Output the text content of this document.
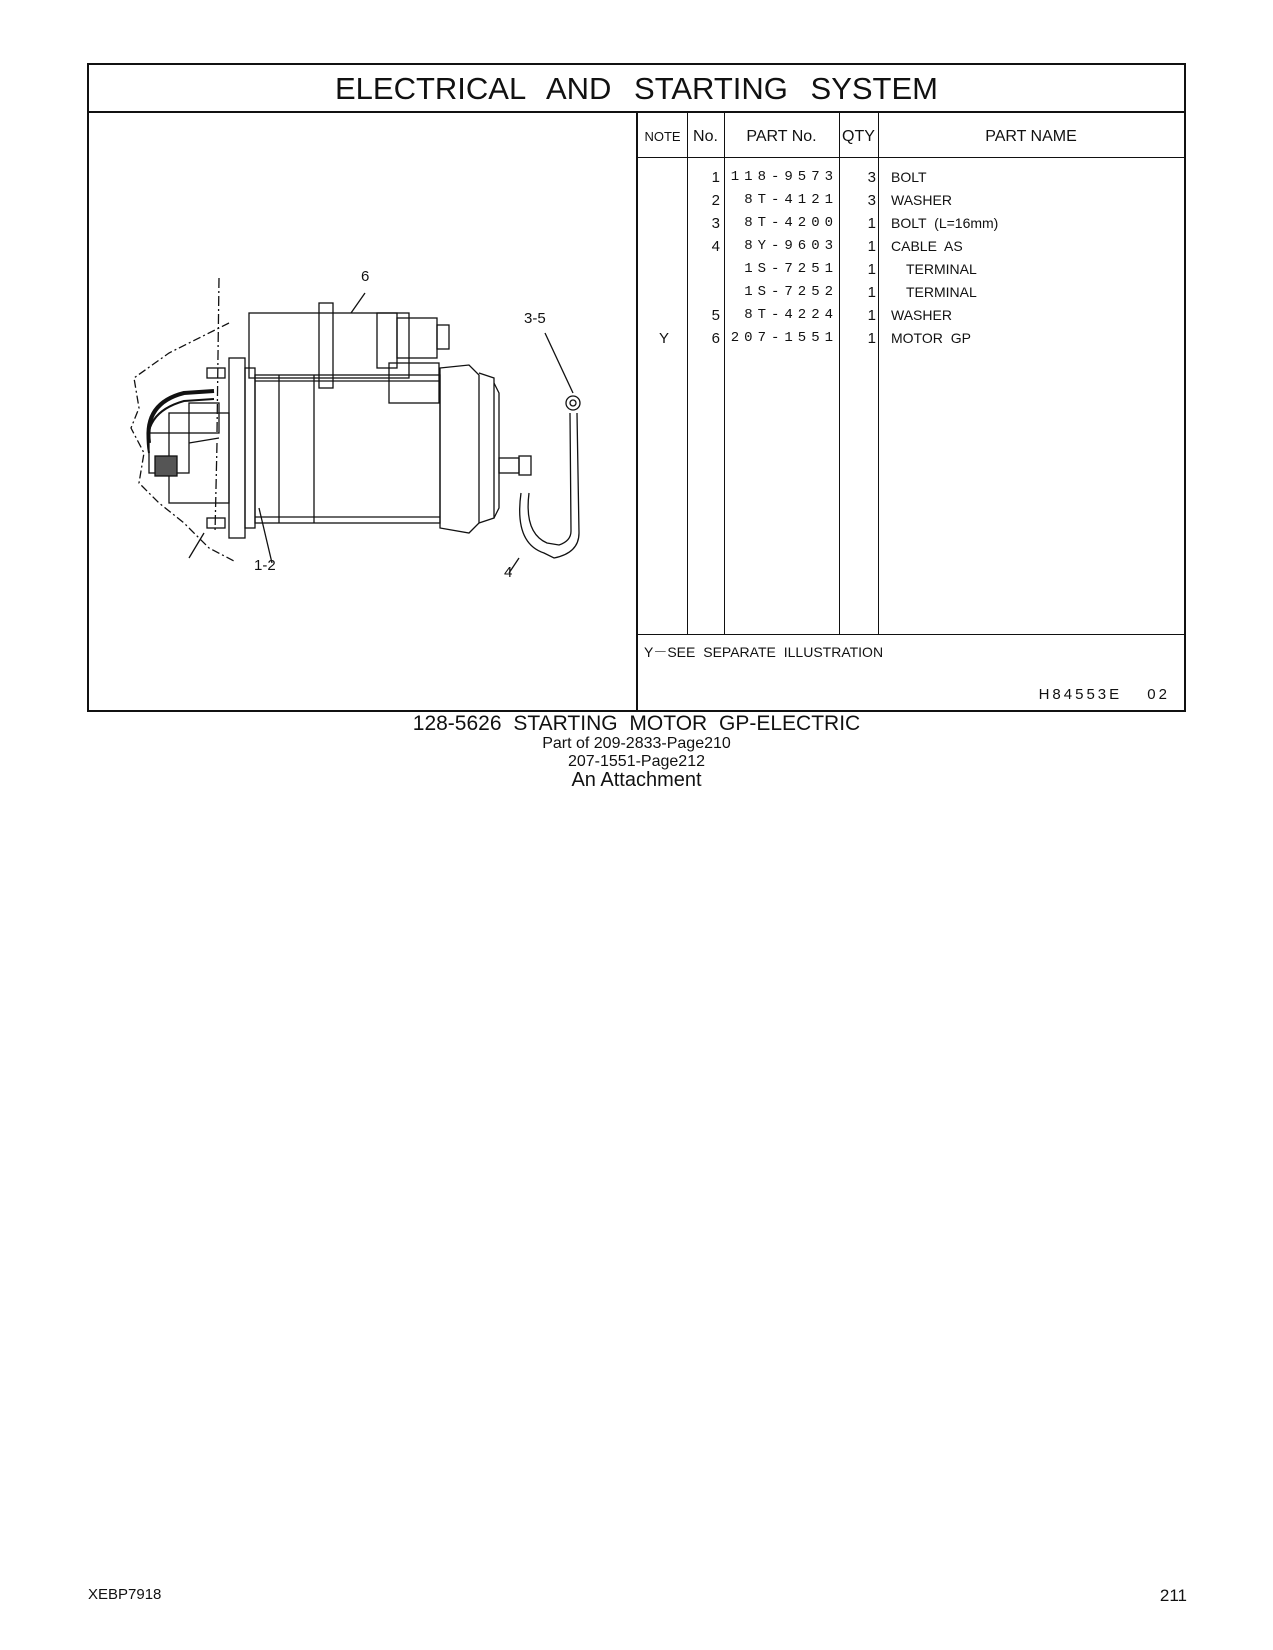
ELECTRICAL AND STARTING SYSTEM
6
3-5
1-2	4
NOTE No.	PART No.	QTY	PART NAME
1 118-9573	3 BOLT
2	8T-4121	3 WASHER
3	8T-4200	1 BOLT (L=16mm)
4	8Y-9603	1 CABLE AS
1S-7251	1 TERMINAL
1S-7252	1 TERMINAL
5	8T-4224	1 WASHER
Y	6 207-1551	1 MOTOR GP
Y－SEE SEPARATE ILLUSTRATION
H84553E 02
128-5626 STARTING MOTOR GP-ELECTRIC
Part of 209-2833-Page210
207-1551-Page212
An Attachment
XEBP7918	211
